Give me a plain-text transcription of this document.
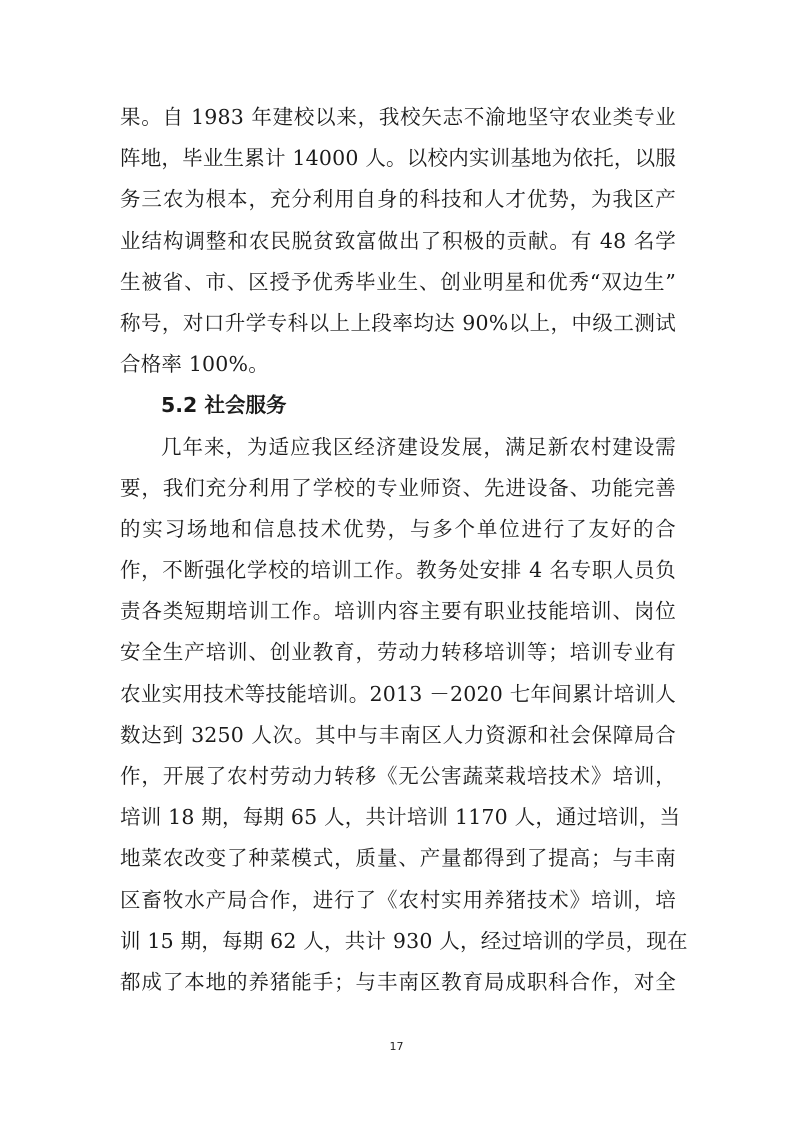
果。自 1983 年建校以来，我校矢志不渝地坚守农业类专业
阵地，毕业生累计 14000 人。以校内实训基地为依托，以服
务三农为根本，充分利用自身的科技和人才优势，为我区产
业结构调整和农民脱贫致富做出了积极的贡献。有 48 名学
生被省、市、区授予优秀毕业生、创业明星和优秀“双边生”
称号，对口升学专科以上上段率均达 90%以上，中级工测试
合格率 100%。
5.2 社会服务
几年来，为适应我区经济建设发展，满足新农村建设需
要，我们充分利用了学校的专业师资、先进设备、功能完善
的实习场地和信息技术优势，与多个单位进行了友好的合
作，不断强化学校的培训工作。教务处安排 4 名专职人员负
责各类短期培训工作。培训内容主要有职业技能培训、岗位
安全生产培训、创业教育，劳动力转移培训等；培训专业有
农业实用技术等技能培训。2013 －2020 七年间累计培训人
数达到 3250 人次。其中与丰南区人力资源和社会保障局合
作，开展了农村劳动力转移《无公害蔬菜栽培技术》培训，
培训 18 期，每期 65 人，共计培训 1170 人，通过培训，当
地菜农改变了种菜模式，质量、产量都得到了提高；与丰南
区畜牧水产局合作，进行了《农村实用养猪技术》培训，培
训 15 期，每期 62 人，共计 930 人，经过培训的学员，现在
都成了本地的养猪能手；与丰南区教育局成职科合作，对全
17
